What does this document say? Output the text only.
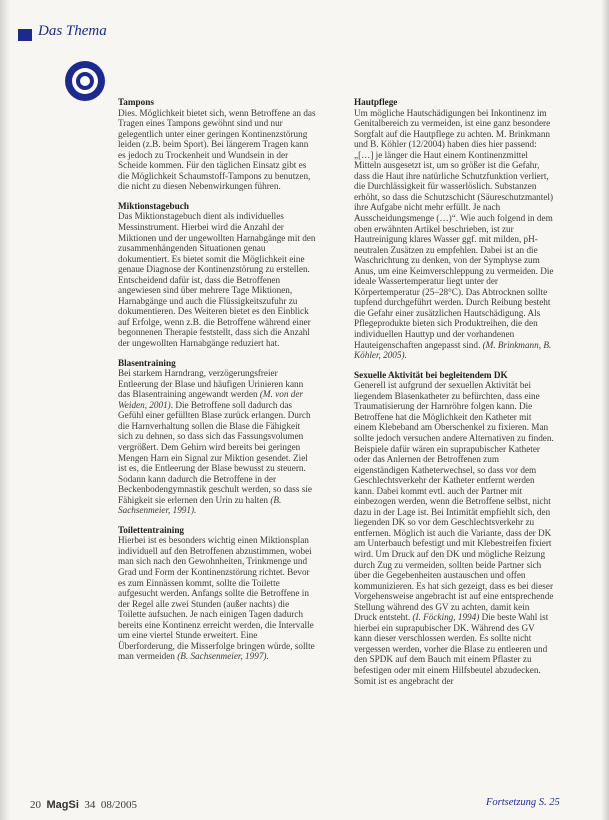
Das Thema
Tampons
Dies. Möglichkeit bietet sich, wenn Betroffene an das Tragen eines Tampons gewöhnt sind und nur gelegentlich unter einer geringen Kontinenzstörung leiden (z.B. beim Sport). Bei längerem Tragen kann es jedoch zu Trockenheit und Wundsein in der Scheide kommen. Für den täglichen Einsatz gibt es die Möglichkeit Schaumstoff-Tampons zu benutzen, die nicht zu diesen Nebenwirkungen führen.
Miktionstagebuch
Das Miktionstagebuch dient als individuelles Messinstrument. Hierbei wird die Anzahl der Miktionen und der ungewollten Harnabgänge mit den zusammenhängenden Situationen genau dokumentiert. Es bietet somit die Möglichkeit eine genaue Diagnose der Kontinenzstörung zu erstellen. Entscheidend dafür ist, dass die Betroffenen angewiesen sind über mehrere Tage Miktionen, Harnabgänge und auch die Flüssigkeitszufuhr zu dokumentieren. Des Weiteren bietet es den Einblick auf Erfolge, wenn z.B. die Betroffene während einer begonnenen Therapie feststellt, dass sich die Anzahl der ungewollten Harnabgänge reduziert hat.
Blasentraining
Bei starkem Harndrang, verzögerungsfreier Entleerung der Blase und häufigen Urinieren kann das Blasentraining angewandt werden (M. von der Weiden, 2001). Die Betroffene soll dadurch das Gefühl einer gefüllten Blase zurück erlangen. Durch die Harnverhaltung sollen die Blase die Fähigkeit sich zu dehnen, so dass sich das Fassungsvolumen vergrößert. Dem Gehirn wird bereits bei geringen Mengen Harn ein Signal zur Miktion gesendet. Ziel ist es, die Entleerung der Blase bewusst zu steuern. Sodann kann dadurch die Betroffene in der Beckenbodengymnastik geschult werden, so dass sie Fähigkeit sie erlernen den Urin zu halten (B. Sachsenmeier, 1991).
Toilettentraining
Hierbei ist es besonders wichtig einen Miktionsplan individuell auf den Betroffenen abzustimmen, wobei man sich nach den Gewohnheiten, Trinkmenge und Grad und Form der Kontinenzstörung richtet. Bevor es zum Einnässen kommt, sollte die Toilette aufgesucht werden. Anfangs sollte die Betroffene in der Regel alle zwei Stunden (außer nachts) die Toilette aufsuchen. Je nach einigen Tagen dadurch bereits eine Kontinenz erreicht werden, die Intervalle um eine viertel Stunde erweitert. Eine Überforderung, die Misserfolge bringen würde, sollte man vermeiden (B. Sachsenmeier, 1997).
Hautpflege
Um mögliche Hautschädigungen bei Inkontinenz im Genitalbereich zu vermeiden, ist eine ganz besondere Sorgfalt auf die Hautpflege zu achten. M. Brinkmann und B. Köhler (12/2004) haben dies hier passend: „[…] je länger die Haut einem Kontinenzmittel Mitteln ausgesetzt ist, um so größer ist die Gefahr, dass die Haut ihre natürliche Schutzfunktion verliert, die Durchlässigkeit für wasserlöslich. Substanzen erhöht, so dass die Schutzschicht (Säureschutzmantel) ihre Aufgabe nicht mehr erfüllt. Je nach Ausscheidungsmenge (…)“. Wie auch folgend in dem oben erwähnten Artikel beschrieben, ist zur Hautreinigung klares Wasser ggf. mit milden, pH-neutralen Zusätzen zu empfehlen. Dabei ist an die Waschrichtung zu denken, von der Symphyse zum Anus, um eine Keimverschleppung zu vermeiden. Die ideale Wassertemperatur liegt unter der Körpertemperatur (25–28°C). Das Abtrocknen sollte tupfend durchgeführt werden. Durch Reibung besteht die Gefahr einer zusätzlichen Hautschädigung. Als Pflegeprodukte bieten sich Produktreihen, die den individuellen Hauttyp und der vorhandenen Hauteigenschaften angepasst sind. (M. Brinkmann, B. Köhler, 2005).
Sexuelle Aktivität bei begleitendem DK
Generell ist aufgrund der sexuellen Aktivität bei liegendem Blasenkatheter zu befürchten, dass eine Traumatisierung der Harnröhre folgen kann. Die Betroffene hat die Möglichkeit den Katheter mit einem Klebeband am Oberschenkel zu fixieren. Man sollte jedoch versuchen andere Alternativen zu finden. Beispiele dafür wären ein suprapubischer Katheter oder das Anlernen der Betroffenen zum eigenständigen Katheterwechsel, so dass vor dem Geschlechtsverkehr der Katheter entfernt werden kann. Dabei kommt evtl. auch der Partner mit einbezogen werden, wenn die Betroffene selbst, nicht dazu in der Lage ist. Bei Intimität empfiehlt sich, den liegenden DK so vor dem Geschlechtsverkehr zu entfernen. Möglich ist auch die Variante, dass der DK am Unterbauch befestigt und mit Klebestreifen fixiert wird. Um Druck auf den DK und mögliche Reizung durch Zug zu vermeiden, sollten beide Partner sich über die Gegebenheiten austauschen und offen kommunizieren. Es hat sich gezeigt, dass es bei dieser Vorgehensweise angebracht ist auf eine entsprechende Stellung während des GV zu achten, damit kein Druck entsteht. (I. Föcking, 1994) Die beste Wahl ist hierbei ein suprapubischer DK. Während des GV kann dieser verschlossen werden. Es sollte nicht vergessen werden, vorher die Blase zu entleeren und den SPDK auf dem Bauch mit einem Pflaster zu befestigen oder mit einem Hilfsbeutel abzudecken. Somit ist es angebracht der
20 MagSi 34 08/2005	Fortsetzung S. 25
